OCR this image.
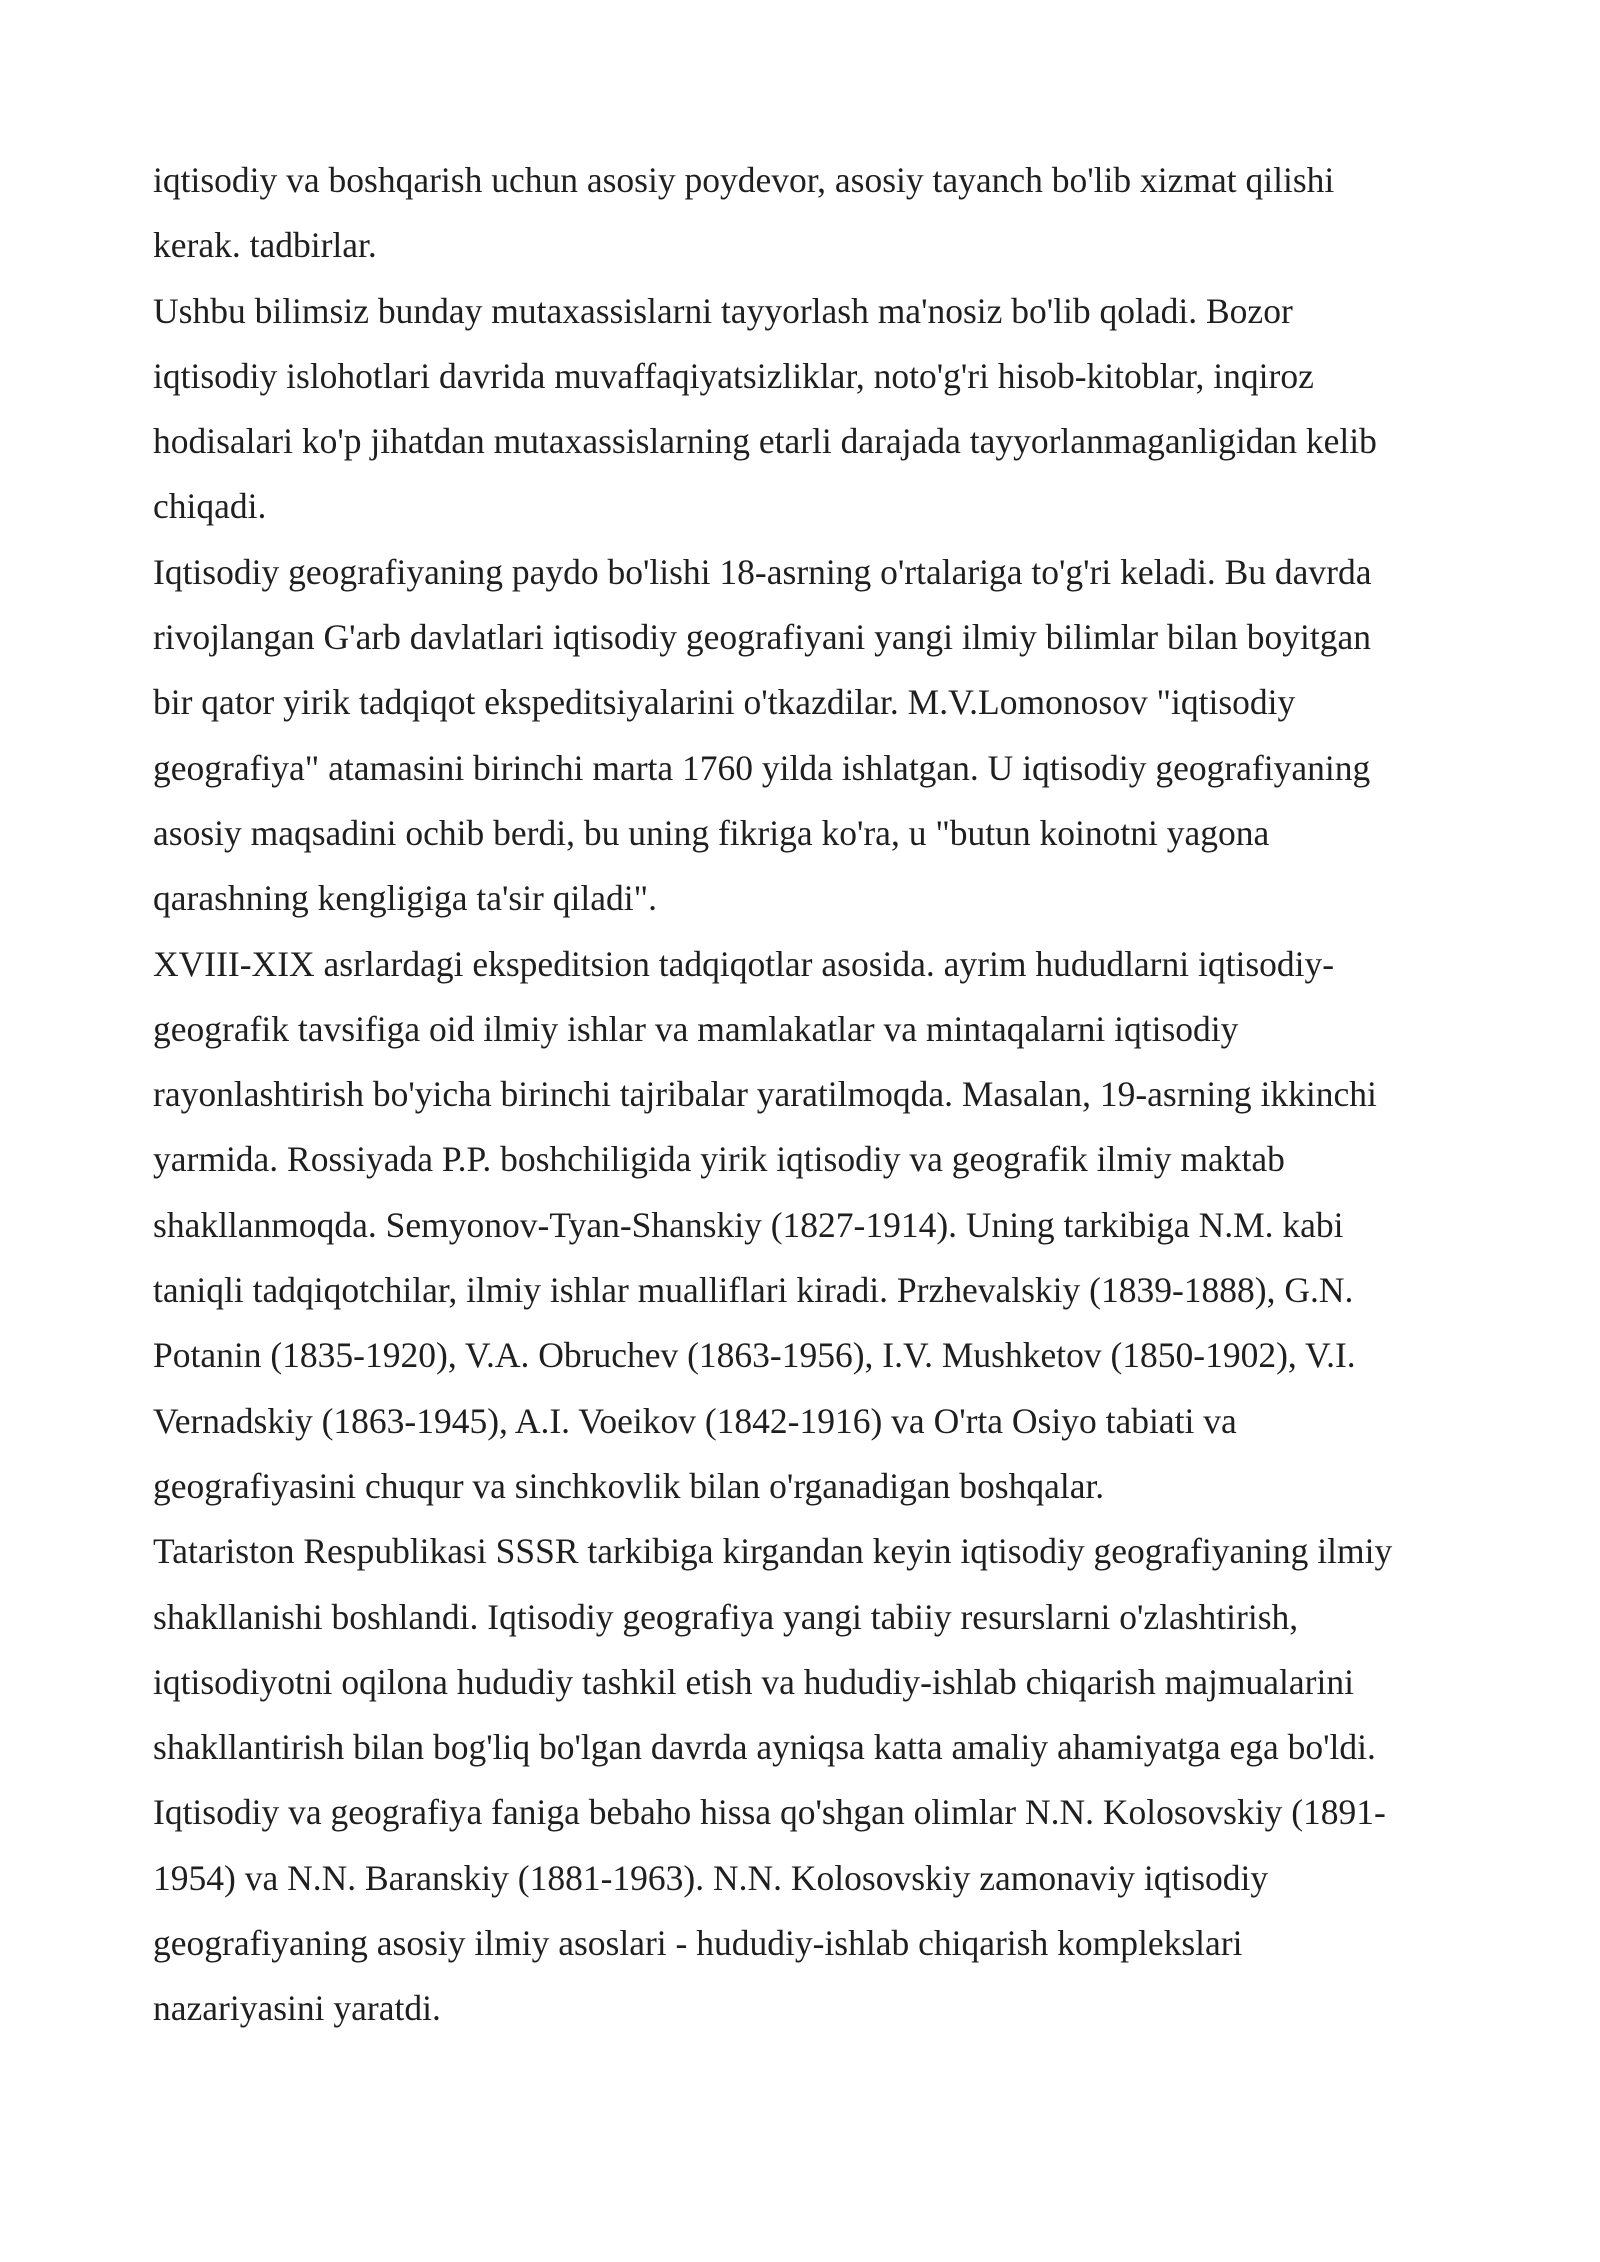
iqtisodiy va boshqarish uchun asosiy poydevor, asosiy tayanch bo'lib xizmat qilishi
kerak. tadbirlar.

Ushbu bilimsiz bunday mutaxassislarni tayyorlash ma'nosiz bo'lib qoladi. Bozor
iqtisodiy islohotlari davrida muvaffaqiyatsizliklar, noto'g'ri hisob-kitoblar, inqiroz
hodisalari ko'p jihatdan mutaxassislarning etarli darajada tayyorlanmaganligidan kelib
chiqadi.

Iqtisodiy geografiyaning paydo bo'lishi 18-asrning o'rtalariga to'g'ri keladi. Bu davrda
rivojlangan G'arb davlatlari iqtisodiy geografiyani yangi ilmiy bilimlar bilan boyitgan
bir qator yirik tadqiqot ekspeditsiyalarini o'tkazdilar. M.V.Lomonosov "iqtisodiy
geografiya" atamasini birinchi marta 1760 yilda ishlatgan. U iqtisodiy geografiyaning
asosiy maqsadini ochib berdi, bu uning fikriga ko'ra, u "butun koinotni yagona
qarashning kengligiga ta'sir qiladi".

XVIII-XIX asrlardagi ekspeditsion tadqiqotlar asosida. ayrim hududlarni iqtisodiy-
geografik tavsifiga oid ilmiy ishlar va mamlakatlar va mintaqalarni iqtisodiy
rayonlashtirish bo'yicha birinchi tajribalar yaratilmoqda. Masalan, 19-asrning ikkinchi
yarmida. Rossiyada P.P. boshchiligida yirik iqtisodiy va geografik ilmiy maktab
shakllanmoqda. Semyonov-Tyan-Shanskiy (1827-1914). Uning tarkibiga N.M. kabi
taniqli tadqiqotchilar, ilmiy ishlar mualliflari kiradi. Przhevalskiy (1839-1888), G.N.
Potanin (1835-1920), V.A. Obruchev (1863-1956), I.V. Mushketov (1850-1902), V.I.
Vernadskiy (1863-1945), A.I. Voeikov (1842-1916) va O'rta Osiyo tabiati va
geografiyasini chuqur va sinchkovlik bilan o'rganadigan boshqalar.

Tatariston Respublikasi SSSR tarkibiga kirgandan keyin iqtisodiy geografiyaning ilmiy
shakllanishi boshlandi. Iqtisodiy geografiya yangi tabiiy resurslarni o'zlashtirish,
iqtisodiyotni oqilona hududiy tashkil etish va hududiy-ishlab chiqarish majmualarini
shakllantirish bilan bog'liq bo'lgan davrda ayniqsa katta amaliy ahamiyatga ega bo'ldi.
Iqtisodiy va geografiya faniga bebaho hissa qo'shgan olimlar N.N. Kolosovskiy (1891-
1954) va N.N. Baranskiy (1881-1963). N.N. Kolosovskiy zamonaviy iqtisodiy
geografiyaning asosiy ilmiy asoslari - hududiy-ishlab chiqarish komplekslari
nazariyasini yaratdi.
